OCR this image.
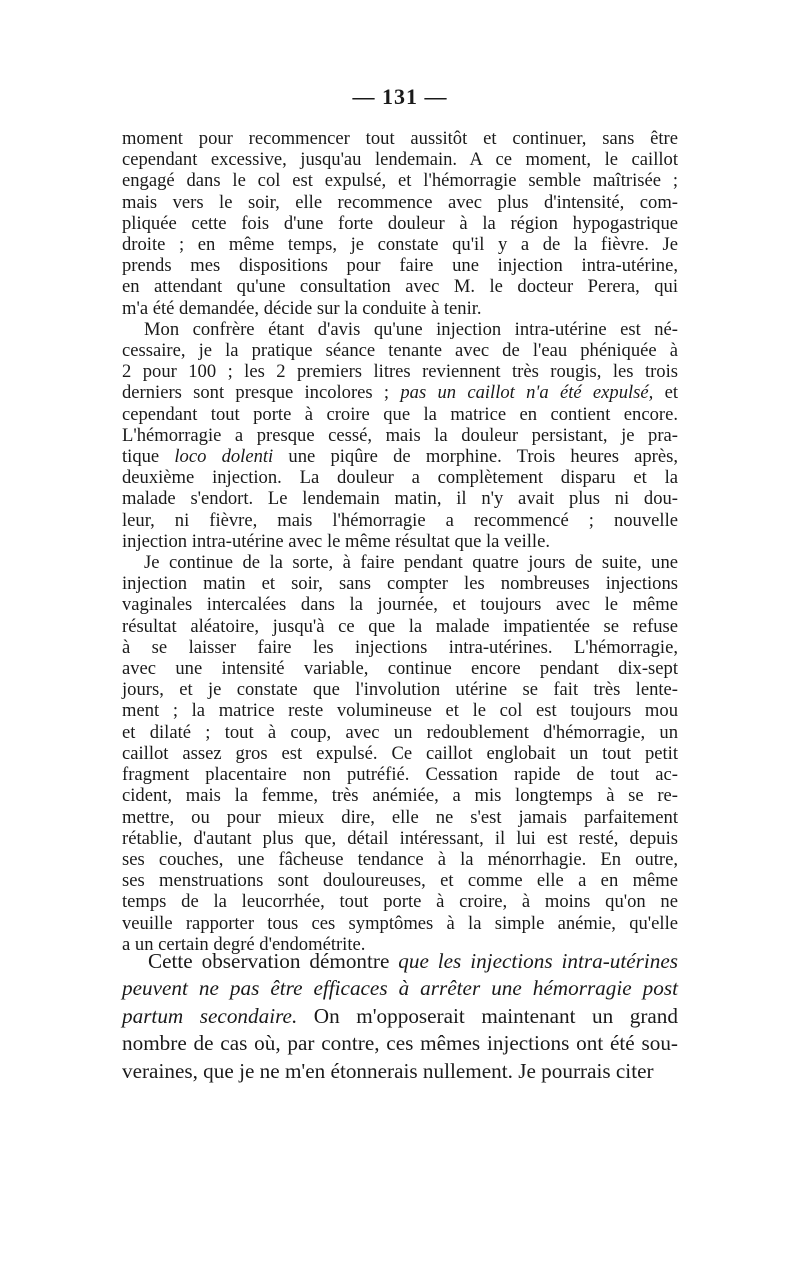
— 131 —
moment pour recommencer tout aussitôt et continuer, sans être
cependant excessive, jusqu'au lendemain. A ce moment, le caillot
engagé dans le col est expulsé, et l'hémorragie semble maîtrisée ;
mais vers le soir, elle recommence avec plus d'intensité, com-
pliquée cette fois d'une forte douleur à la région hypogastrique
droite ; en même temps, je constate qu'il y a de la fièvre. Je
prends mes dispositions pour faire une injection intra-utérine,
en attendant qu'une consultation avec M. le docteur Perera, qui
m'a été demandée, décide sur la conduite à tenir.
Mon confrère étant d'avis qu'une injection intra-utérine est né-
cessaire, je la pratique séance tenante avec de l'eau phéniquée à
2 pour 100 ; les 2 premiers litres reviennent très rougis, les trois
derniers sont presque incolores ; pas un caillot n'a été expulsé, et
cependant tout porte à croire que la matrice en contient encore.
L'hémorragie a presque cessé, mais la douleur persistant, je pra-
tique loco dolenti une piqûre de morphine. Trois heures après,
deuxième injection. La douleur a complètement disparu et la
malade s'endort. Le lendemain matin, il n'y avait plus ni dou-
leur, ni fièvre, mais l'hémorragie a recommencé ; nouvelle
injection intra-utérine avec le même résultat que la veille.
Je continue de la sorte, à faire pendant quatre jours de suite, une
injection matin et soir, sans compter les nombreuses injections
vaginales intercalées dans la journée, et toujours avec le même
résultat aléatoire, jusqu'à ce que la malade impatientée se refuse
à se laisser faire les injections intra-utérines. L'hémorragie,
avec une intensité variable, continue encore pendant dix-sept
jours, et je constate que l'involution utérine se fait très lente-
ment ; la matrice reste volumineuse et le col est toujours mou
et dilaté ; tout à coup, avec un redoublement d'hémorragie, un
caillot assez gros est expulsé. Ce caillot englobait un tout petit
fragment placentaire non putréfié. Cessation rapide de tout ac-
cident, mais la femme, très anémiée, a mis longtemps à se re-
mettre, ou pour mieux dire, elle ne s'est jamais parfaitement
rétablie, d'autant plus que, détail intéressant, il lui est resté, depuis
ses couches, une fâcheuse tendance à la ménorrhagie. En outre,
ses menstruations sont douloureuses, et comme elle a en même
temps de la leucorrhée, tout porte à croire, à moins qu'on ne
veuille rapporter tous ces symptômes à la simple anémie, qu'elle
a un certain degré d'endométrite.
Cette observation démontre que les injections intra-utérines
peuvent ne pas être efficaces à arrêter une hémorragie post
partum secondaire. On m'opposerait maintenant un grand
nombre de cas où, par contre, ces mêmes injections ont été sou-
veraines, que je ne m'en étonnerais nullement. Je pourrais citer
